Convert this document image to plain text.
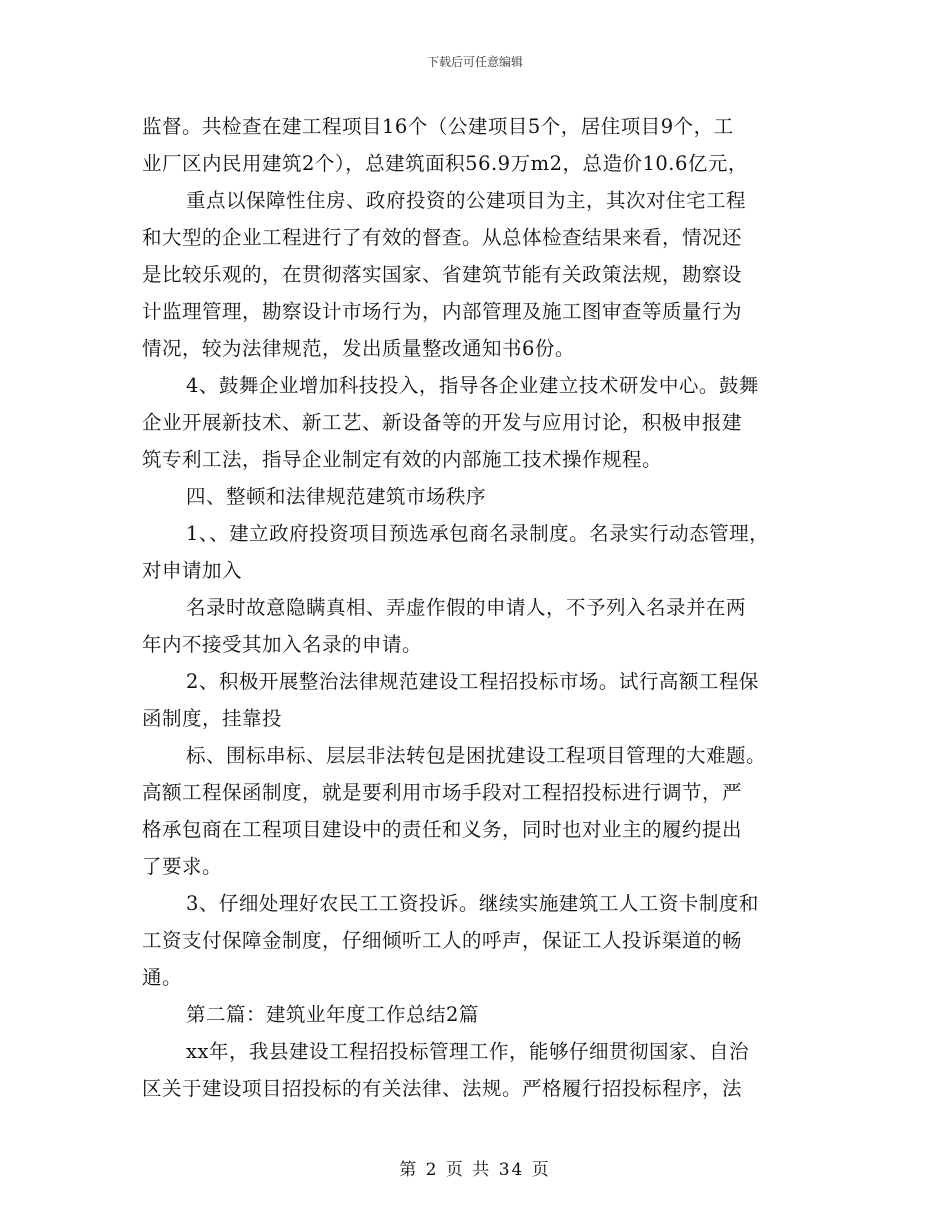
下载后可任意编辑
监督。共检查在建工程项目16个（公建项目5个，居住项目9个，工
业厂区内民用建筑2个），总建筑面积56.9万m2，总造价10.6亿元，
重点以保障性住房、政府投资的公建项目为主，其次对住宅工程
和大型的企业工程进行了有效的督查。从总体检查结果来看，情况还
是比较乐观的，在贯彻落实国家、省建筑节能有关政策法规，勘察设
计监理管理，勘察设计市场行为，内部管理及施工图审查等质量行为
情况，较为法律规范，发出质量整改通知书6份。
4、鼓舞企业增加科技投入，指导各企业建立技术研发中心。鼓舞
企业开展新技术、新工艺、新设备等的开发与应用讨论，积极申报建
筑专利工法，指导企业制定有效的内部施工技术操作规程。
四、整顿和法律规范建筑市场秩序
1、、建立政府投资项目预选承包商名录制度。名录实行动态管理，
对申请加入
名录时故意隐瞒真相、弄虚作假的申请人，不予列入名录并在两
年内不接受其加入名录的申请。
2、积极开展整治法律规范建设工程招投标市场。试行高额工程保
函制度，挂靠投
标、围标串标、层层非法转包是困扰建设工程项目管理的大难题。
高额工程保函制度，就是要利用市场手段对工程招投标进行调节，严
格承包商在工程项目建设中的责任和义务，同时也对业主的履约提出
了要求。
3、仔细处理好农民工工资投诉。继续实施建筑工人工资卡制度和
工资支付保障金制度，仔细倾听工人的呼声，保证工人投诉渠道的畅
通。
第二篇：建筑业年度工作总结2篇
xx年，我县建设工程招投标管理工作，能够仔细贯彻国家、自治
区关于建设项目招投标的有关法律、法规。严格履行招投标程序，法
第 2 页 共 34 页
